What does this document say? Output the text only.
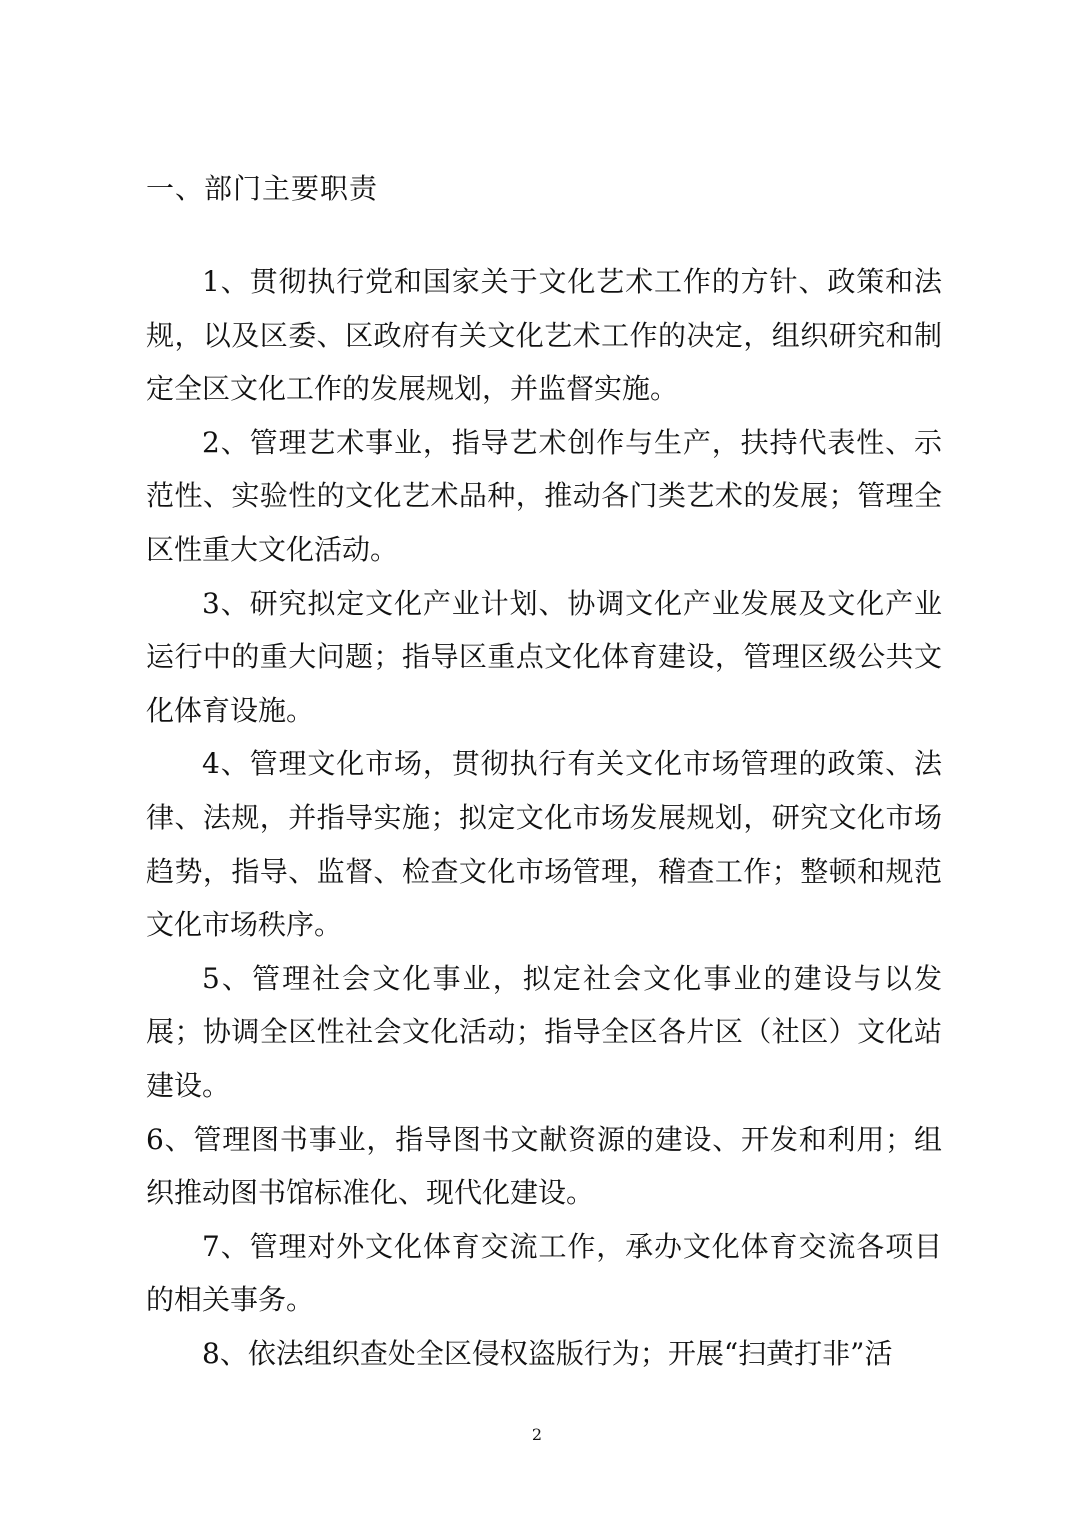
一、部门主要职责

1、贯彻执行党和国家关于文化艺术工作的方针、政策和法规，以及区委、区政府有关文化艺术工作的决定，组织研究和制定全区文化工作的发展规划，并监督实施。

2、管理艺术事业，指导艺术创作与生产，扶持代表性、示范性、实验性的文化艺术品种，推动各门类艺术的发展；管理全区性重大文化活动。

3、研究拟定文化产业计划、协调文化产业发展及文化产业运行中的重大问题；指导区重点文化体育建设，管理区级公共文化体育设施。

4、管理文化市场，贯彻执行有关文化市场管理的政策、法律、法规，并指导实施；拟定文化市场发展规划，研究文化市场趋势，指导、监督、检查文化市场管理，稽查工作；整顿和规范文化市场秩序。

5、管理社会文化事业，拟定社会文化事业的建设与以发展；协调全区性社会文化活动；指导全区各片区（社区）文化站建设。

6、管理图书事业，指导图书文献资源的建设、开发和利用；组织推动图书馆标准化、现代化建设。

7、管理对外文化体育交流工作，承办文化体育交流各项目的相关事务。

8、依法组织查处全区侵权盗版行为；开展“扫黄打非”活

2
